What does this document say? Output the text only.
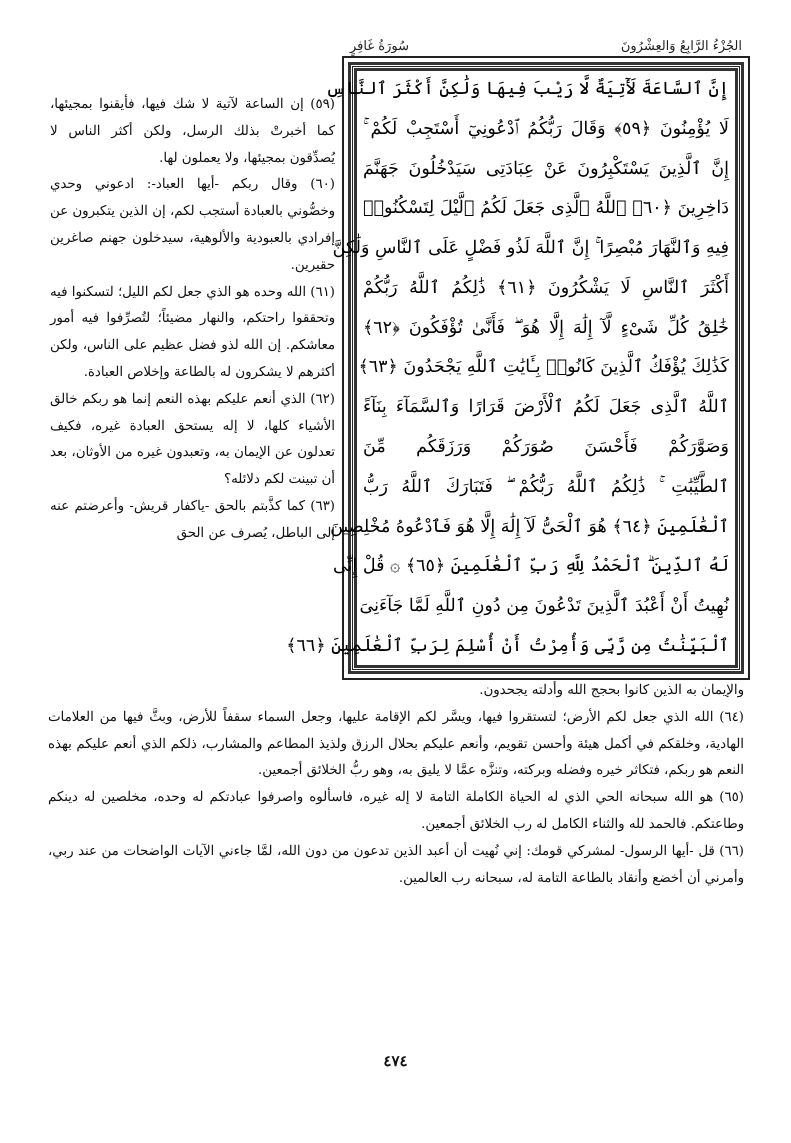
الجُزْءُ الرَّابِعُ وَالعِشْرُونَ
سُورَةُ غَافِرٍ
إِنَّ ٱلسَّاعَةَ لَأٓتِيَةٌ لَّا رَيْبَ فِيهَا وَلَٰكِنَّ أَكْثَرَ ٱلنَّاسِ
لَا يُؤْمِنُونَ ﴿٥٩﴾ وَقَالَ رَبُّكُمُ ٱدْعُونِيٓ أَسْتَجِبْ لَكُمْ ۚ
إِنَّ ٱلَّذِينَ يَسْتَكْبِرُونَ عَنْ عِبَادَتِى سَيَدْخُلُونَ جَهَنَّمَ
دَاخِرِينَ ﴿٦٠﴾ ٱللَّهُ ٱلَّذِى جَعَلَ لَكُمُ ٱلَّيْلَ لِتَسْكُنُوا۟
فِيهِ وَٱلنَّهَارَ مُبْصِرًا ۚ إِنَّ ٱللَّهَ لَذُو فَضْلٍ عَلَى ٱلنَّاسِ وَلَٰكِنَّ
أَكْثَرَ ٱلنَّاسِ لَا يَشْكُرُونَ ﴿٦١﴾ ذَٰلِكُمُ ٱللَّهُ رَبُّكُمْ
خَٰلِقُ كُلِّ شَىْءٍ لَّآ إِلَٰهَ إِلَّا هُوَ ۖ فَأَنَّىٰ تُؤْفَكُونَ ﴿٦٢﴾
كَذَٰلِكَ يُؤْفَكُ ٱلَّذِينَ كَانُوا۟ بِـَٔايَٰتِ ٱللَّهِ يَجْحَدُونَ ﴿٦٣﴾
ٱللَّهُ ٱلَّذِى جَعَلَ لَكُمُ ٱلْأَرْضَ قَرَارًا وَٱلسَّمَآءَ بِنَآءً
وَصَوَّرَكُمْ فَأَحْسَنَ صُوَرَكُمْ وَرَزَقَكُم مِّنَ
ٱلطَّيِّبَٰتِ ۚ ذَٰلِكُمُ ٱللَّهُ رَبُّكُمْ ۖ فَتَبَارَكَ ٱللَّهُ رَبُّ
ٱلْعَٰلَمِينَ ﴿٦٤﴾ هُوَ ٱلْحَىُّ لَآ إِلَٰهَ إِلَّا هُوَ فَٱدْعُوهُ مُخْلِصِينَ
لَهُ ٱلدِّينَ ۗ ٱلْحَمْدُ لِلَّهِ رَبِّ ٱلْعَٰلَمِينَ ﴿٦٥﴾ ۞ قُلْ إِنِّى
نُهِيتُ أَنْ أَعْبُدَ ٱلَّذِينَ تَدْعُونَ مِن دُونِ ٱللَّهِ لَمَّا جَآءَنِىَ
ٱلْبَيِّنَٰتُ مِن رَّبِّى وَأُمِرْتُ أَنْ أُسْلِمَ لِرَبِّ ٱلْعَٰلَمِينَ ﴿٦٦﴾

(٥٩) إن الساعة لآتية لا شك فيها، فأيقنوا بمجيئها، كما أخبرتْ بذلك الرسل، ولكن أكثر الناس لا يُصدِّقون بمجيئها، ولا يعملون لها.

(٦٠) وقال ربكم -أيها العباد-: ادعوني وحدي وخصُّوني بالعبادة أستجب لكم، إن الذين يتكبرون عن إفرادي بالعبودية والألوهية، سيدخلون جهنم صاغرين حقيرين.

(٦١) الله وحده هو الذي جعل لكم الليل؛ لتسكنوا فيه وتحققوا راحتكم، والنهار مضيئاً؛ لتُصرِّفوا فيه أمور معاشكم. إن الله لذو فضل عظيم على الناس، ولكن أكثرهم لا يشكرون له بالطاعة وإخلاص العبادة.

(٦٢) الذي أنعم عليكم بهذه النعم إنما هو ربكم خالق الأشياء كلها، لا إله يستحق العبادة غيره، فكيف تعدلون عن الإيمان به، وتعبدون غيره من الأوثان، بعد أن تبينت لكم دلائله؟

(٦٣) كما كذَّبتم بالحق -ياكفار قريش- وأعرضتم عنه إلى الباطل، يُصرف عن الحق

والإيمان به الذين كانوا بحجج الله وأدلته يجحدون.

(٦٤) الله الذي جعل لكم الأرض؛ لتستقروا فيها، ويسَّر لكم الإقامة عليها، وجعل السماء سقفاً للأرض، وبثَّ فيها من العلامات الهادية، وخلقكم في أكمل هيئة وأحسن تقويم، وأنعم عليكم بحلال الرزق ولذيذ المطاعم والمشارب، ذلكم الذي أنعم عليكم بهذه النعم هو ربكم، فتكاثر خيره وفضله وبركته، وتنزَّه عمَّا لا يليق به، وهو ربُّ الخلائق أجمعين.

(٦٥) هو الله سبحانه الحي الذي له الحياة الكاملة التامة لا إله غيره، فاسألوه واصرفوا عبادتكم له وحده، مخلصين له دينكم وطاعتكم. فالحمد لله والثناء الكامل له رب الخلائق أجمعين.

(٦٦) قل -أيها الرسول- لمشركي قومك: إني نُهيت أن أعبد الذين تدعون من دون الله، لمَّا جاءني الآيات الواضحات من عند ربي، وأمرني أن أخضع وأنقاد بالطاعة التامة له، سبحانه رب العالمين.

٤٧٤
